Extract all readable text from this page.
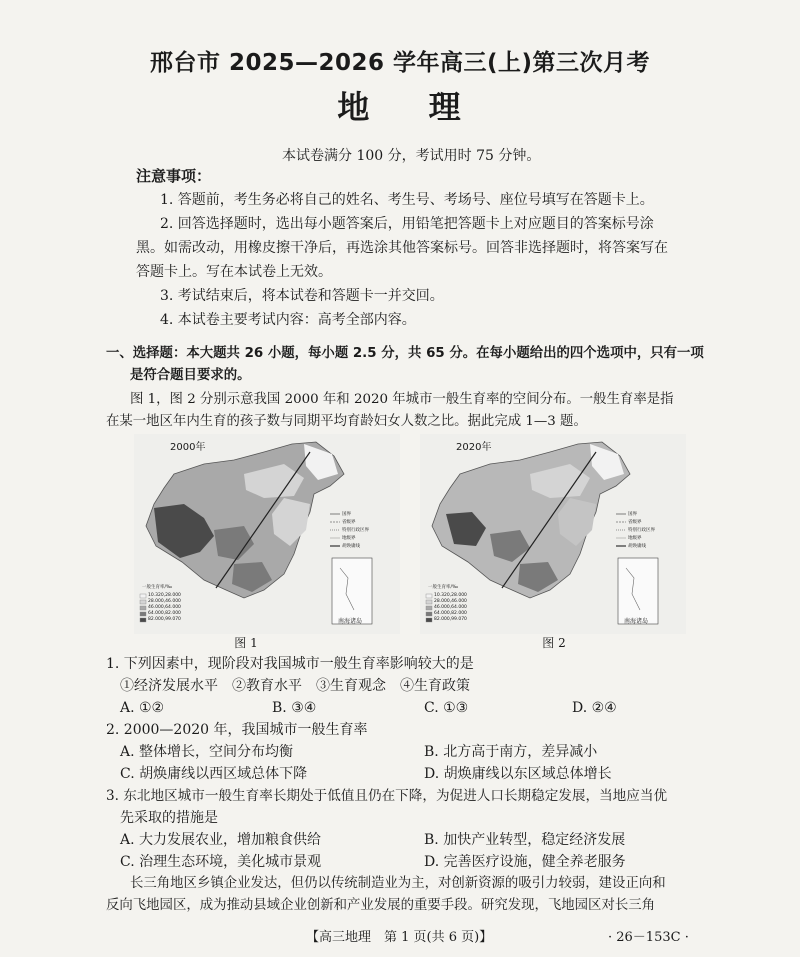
邢台市 2025—2026 学年高三(上)第三次月考
地 理
本试卷满分 100 分，考试用时 75 分钟。
注意事项：
1. 答题前，考生务必将自己的姓名、考生号、考场号、座位号填写在答题卡上。
2. 回答选择题时，选出每小题答案后，用铅笔把答题卡上对应题目的答案标号涂
黑。如需改动，用橡皮擦干净后，再选涂其他答案标号。回答非选择题时，将答案写在
答题卡上。写在本试卷上无效。
3. 考试结束后，将本试卷和答题卡一并交回。
4. 本试卷主要考试内容：高考全部内容。
一、选择题：本大题共 26 小题，每小题 2.5 分，共 65 分。在每小题给出的四个选项中，只有一项
是符合题目要求的。
图 1，图 2 分别示意我国 2000 年和 2020 年城市一般生育率的空间分布。一般生育率是指
在某一地区年内生育的孩子数与同期平均育龄妇女人数之比。据此完成 1—3 题。
2000年
一般生育率/‰
10.320,28.000
28.000,46.000
46.000,64.000
64.000,82.000
82.000,99.070
国界
省级界
特别行政区界
地级界
胡焕庸线
南海诸岛
图 1
2020年
一般生育率/‰
10.320,28.000
28.000,46.000
46.000,64.000
64.000,82.000
82.000,99.070
国界
省级界
特别行政区界
地级界
胡焕庸线
南海诸岛
图 2
1. 下列因素中，现阶段对我国城市一般生育率影响较大的是
①经济发展水平　②教育水平　③生育观念　④生育政策
A. ①②	B. ③④	C. ①③	D. ②④
2. 2000—2020 年，我国城市一般生育率
A. 整体增长，空间分布均衡	B. 北方高于南方，差异减小
C. 胡焕庸线以西区域总体下降	D. 胡焕庸线以东区域总体增长
3. 东北地区城市一般生育率长期处于低值且仍在下降，为促进人口长期稳定发展，当地应当优
先采取的措施是
A. 大力发展农业，增加粮食供给	B. 加快产业转型，稳定经济发展
C. 治理生态环境，美化城市景观	D. 完善医疗设施，健全养老服务
长三角地区乡镇企业发达，但仍以传统制造业为主，对创新资源的吸引力较弱，建设正向和
反向飞地园区，成为推动县域企业创新和产业发展的重要手段。研究发现，飞地园区对长三角
【高三地理　第 1 页(共 6 页)】	· 26－153C ·
